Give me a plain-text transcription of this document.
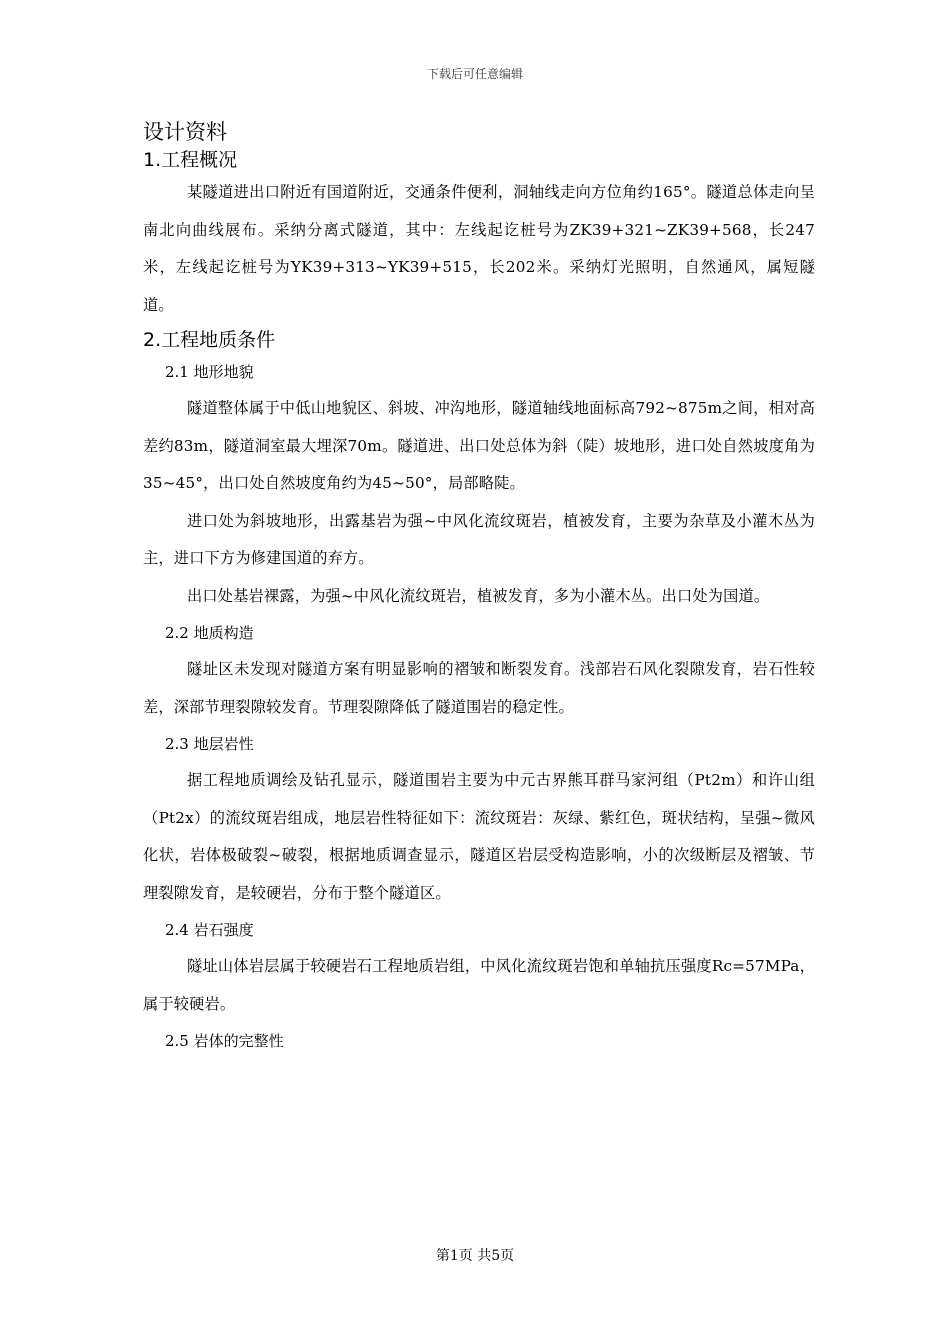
下载后可任意编辑
设计资料
1.工程概况

某隧道进出口附近有国道附近，交通条件便利，洞轴线走向方位角约165°。隧道总体走向呈南北向曲线展布。采纳分离式隧道，其中：左线起讫桩号为ZK39+321~ZK39+568，长247米，左线起讫桩号为YK39+313~YK39+515，长202米。采纳灯光照明，自然通风，属短隧道。

2.工程地质条件
2.1 地形地貌

隧道整体属于中低山地貌区、斜坡、冲沟地形，隧道轴线地面标高792~875m之间，相对高差约83m，隧道洞室最大埋深70m。隧道进、出口处总体为斜（陡）坡地形，进口处自然坡度角为35~45°，出口处自然坡度角约为45~50°，局部略陡。

进口处为斜坡地形，出露基岩为强~中风化流纹斑岩，植被发育，主要为杂草及小灌木丛为主，进口下方为修建国道的弃方。

出口处基岩裸露，为强~中风化流纹斑岩，植被发育，多为小灌木丛。出口处为国道。

2.2 地质构造

隧址区未发现对隧道方案有明显影响的褶皱和断裂发育。浅部岩石风化裂隙发育，岩石性较差，深部节理裂隙较发育。节理裂隙降低了隧道围岩的稳定性。

2.3 地层岩性

据工程地质调绘及钻孔显示，隧道围岩主要为中元古界熊耳群马家河组（Pt2m）和许山组（Pt2x）的流纹斑岩组成，地层岩性特征如下：流纹斑岩：灰绿、紫红色，斑状结构，呈强~微风化状，岩体极破裂~破裂，根据地质调查显示，隧道区岩层受构造影响，小的次级断层及褶皱、节理裂隙发育，是较硬岩，分布于整个隧道区。

2.4 岩石强度

隧址山体岩层属于较硬岩石工程地质岩组，中风化流纹斑岩饱和单轴抗压强度Rc=57MPa，属于较硬岩。

2.5 岩体的完整性
第1页 共5页
